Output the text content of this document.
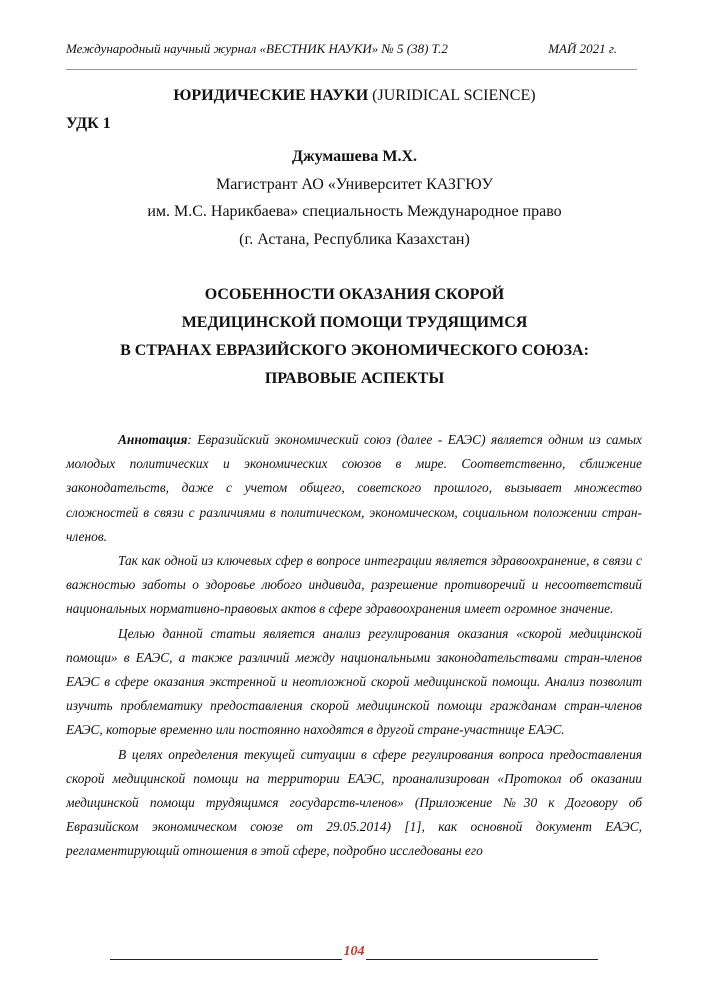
Международный научный журнал «ВЕСТНИК НАУКИ» № 5 (38) Т.2	МАЙ 2021 г.
ЮРИДИЧЕСКИЕ НАУКИ (JURIDICAL SCIENCE)
УДК 1
Джумашева М.Х.
Магистрант АО «Университет КАЗГЮУ
им. М.С. Нарикбаева» специальность Международное право
(г. Астана, Республика Казахстан)
ОСОБЕННОСТИ ОКАЗАНИЯ СКОРОЙ
МЕДИЦИНСКОЙ ПОМОЩИ ТРУДЯЩИМСЯ
В СТРАНАХ ЕВРАЗИЙСКОГО ЭКОНОМИЧЕСКОГО СОЮЗА:
ПРАВОВЫЕ АСПЕКТЫ

Аннотация: Евразийский экономический союз (далее - ЕАЭС) является одним из самых молодых политических и экономических союзов в мире. Соответственно, сближение законодательств, даже с учетом общего, советского прошлого, вызывает множество сложностей в связи с различиями в политическом, экономическом, социальном положении стран-членов.

Так как одной из ключевых сфер в вопросе интеграции является здравоохранение, в связи с важностью заботы о здоровье любого индивида, разрешение противоречий и несоответствий национальных нормативно-правовых актов в сфере здравоохранения имеет огромное значение.

Целью данной статьи является анализ регулирования оказания «скорой медицинской помощи» в ЕАЭС, а также различий между национальными законодательствами стран-членов ЕАЭС в сфере оказания экстренной и неотложной скорой медицинской помощи. Анализ позволит изучить проблематику предоставления скорой медицинской помощи гражданам стран-членов ЕАЭС, которые временно или постоянно находятся в другой стране-участнице ЕАЭС.

В целях определения текущей ситуации в сфере регулирования вопроса предоставления скорой медицинской помощи на территории ЕАЭС, проанализирован «Протокол об оказании медицинской помощи трудящимся государств-членов» (Приложение №30 к Договору об Евразийском экономическом союзе от 29.05.2014) [1], как основной документ ЕАЭС, регламентирующий отношения в этой сфере, подробно исследованы его

104
